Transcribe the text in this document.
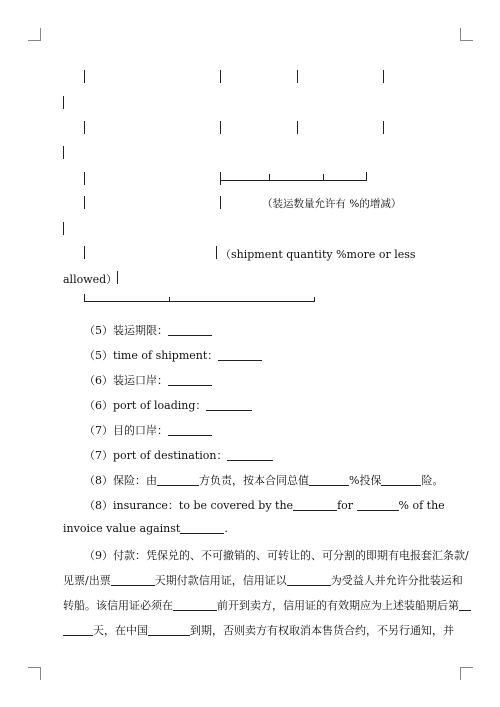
（装运数量允许有 %的增减）
（shipment quantity %more or less
allowed）
（5）装运期限：
（5）time of shipment：
（6）装运口岸：
（6）port of loading：
（7）目的口岸：
（7）port of destination：
（8）保险：由	方负责，按本合同总值	%投保	险。
（8）insurance：to be covered by the	for	% of the
invoice value against	.
（9）付款：凭保兑的、不可撤销的、可转让的、可分割的即期有电报套汇条款/
见票/出票	天期付款信用证，信用证以	为受益人并允许分批装运和
转船。该信用证必须在	前开到卖方，信用证的有效期应为上述装船期后第
天，在中国	到期，否则卖方有权取消本售货合约，不另行通知，并
